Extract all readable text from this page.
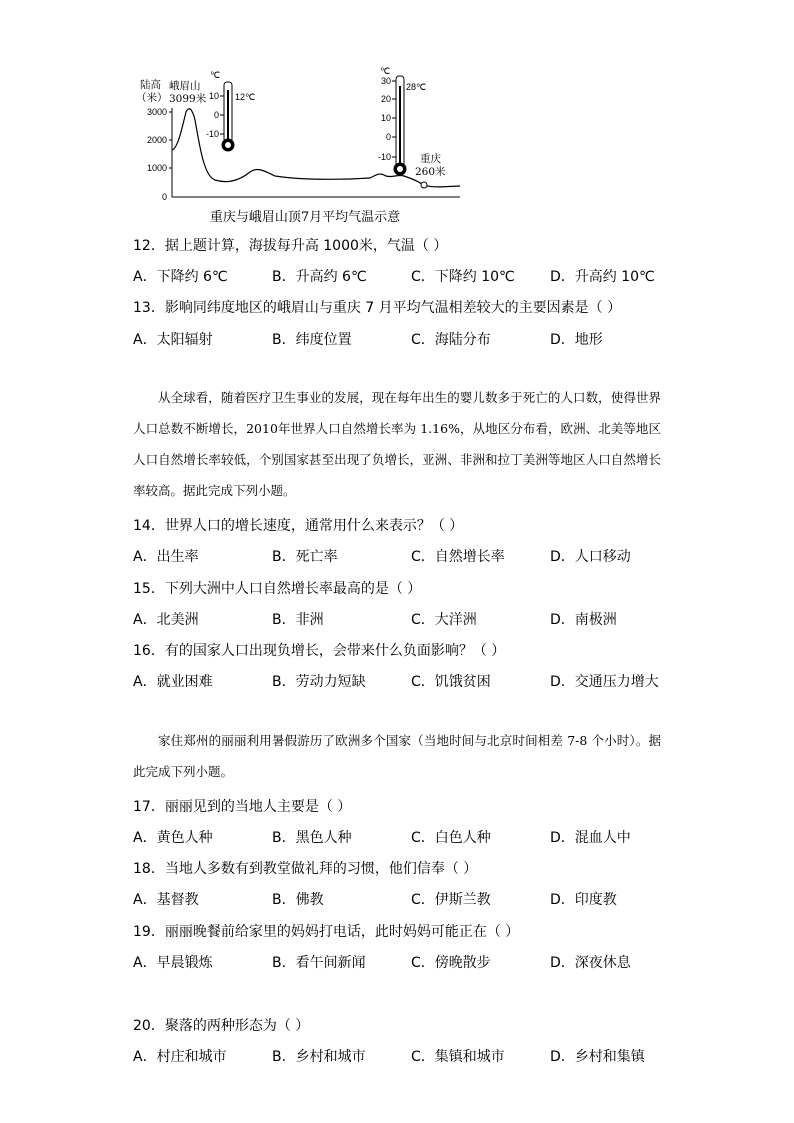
3000
2000
1000
0
陆高
（米）
峨眉山
3099米
℃
10
0
-10
12℃
℃
30
20
10
0
-10
28℃
重庆
260米
重庆与峨眉山顶7月平均气温示意
12．据上题计算，海拔每升高 1000米，气温（ ）
A．下降约 6℃	B．升高约 6℃	C．下降约 10℃	D．升高约 10℃
13．影响同纬度地区的峨眉山与重庆 7 月平均气温相差较大的主要因素是（ ）
A．太阳辐射	B．纬度位置	C．海陆分布	D．地形
从全球看，随着医疗卫生事业的发展，现在每年出生的婴儿数多于死亡的人口数，使得世界人口总数不断增长，2010年世界人口自然增长率为 1.16%，从地区分布看，欧洲、北美等地区人口自然增长率较低，个别国家甚至出现了负增长，亚洲、非洲和拉丁美洲等地区人口自然增长率较高。据此完成下列小题。
14．世界人口的增长速度，通常用什么来表示？（ ）
A．出生率	B．死亡率	C．自然增长率	D．人口移动
15．下列大洲中人口自然增长率最高的是（ ）
A．北美洲	B．非洲	C．大洋洲	D．南极洲
16．有的国家人口出现负增长，会带来什么负面影响？（ ）
A．就业困难	B．劳动力短缺	C．饥饿贫困	D．交通压力增大
家住郑州的丽丽利用暑假游历了欧洲多个国家（当地时间与北京时间相差 7-8 个小时）。据此完成下列小题。
17．丽丽见到的当地人主要是（ ）
A．黄色人种	B．黑色人种	C．白色人种	D．混血人中
18．当地人多数有到教堂做礼拜的习惯，他们信奉（ ）
A．基督教	B．佛教	C．伊斯兰教	D．印度教
19．丽丽晚餐前给家里的妈妈打电话，此时妈妈可能正在（ ）
A．早晨锻炼	B．看午间新闻	C．傍晚散步	D．深夜休息
20．聚落的两种形态为（ ）
A．村庄和城市	B．乡村和城市	C．集镇和城市	D．乡村和集镇
